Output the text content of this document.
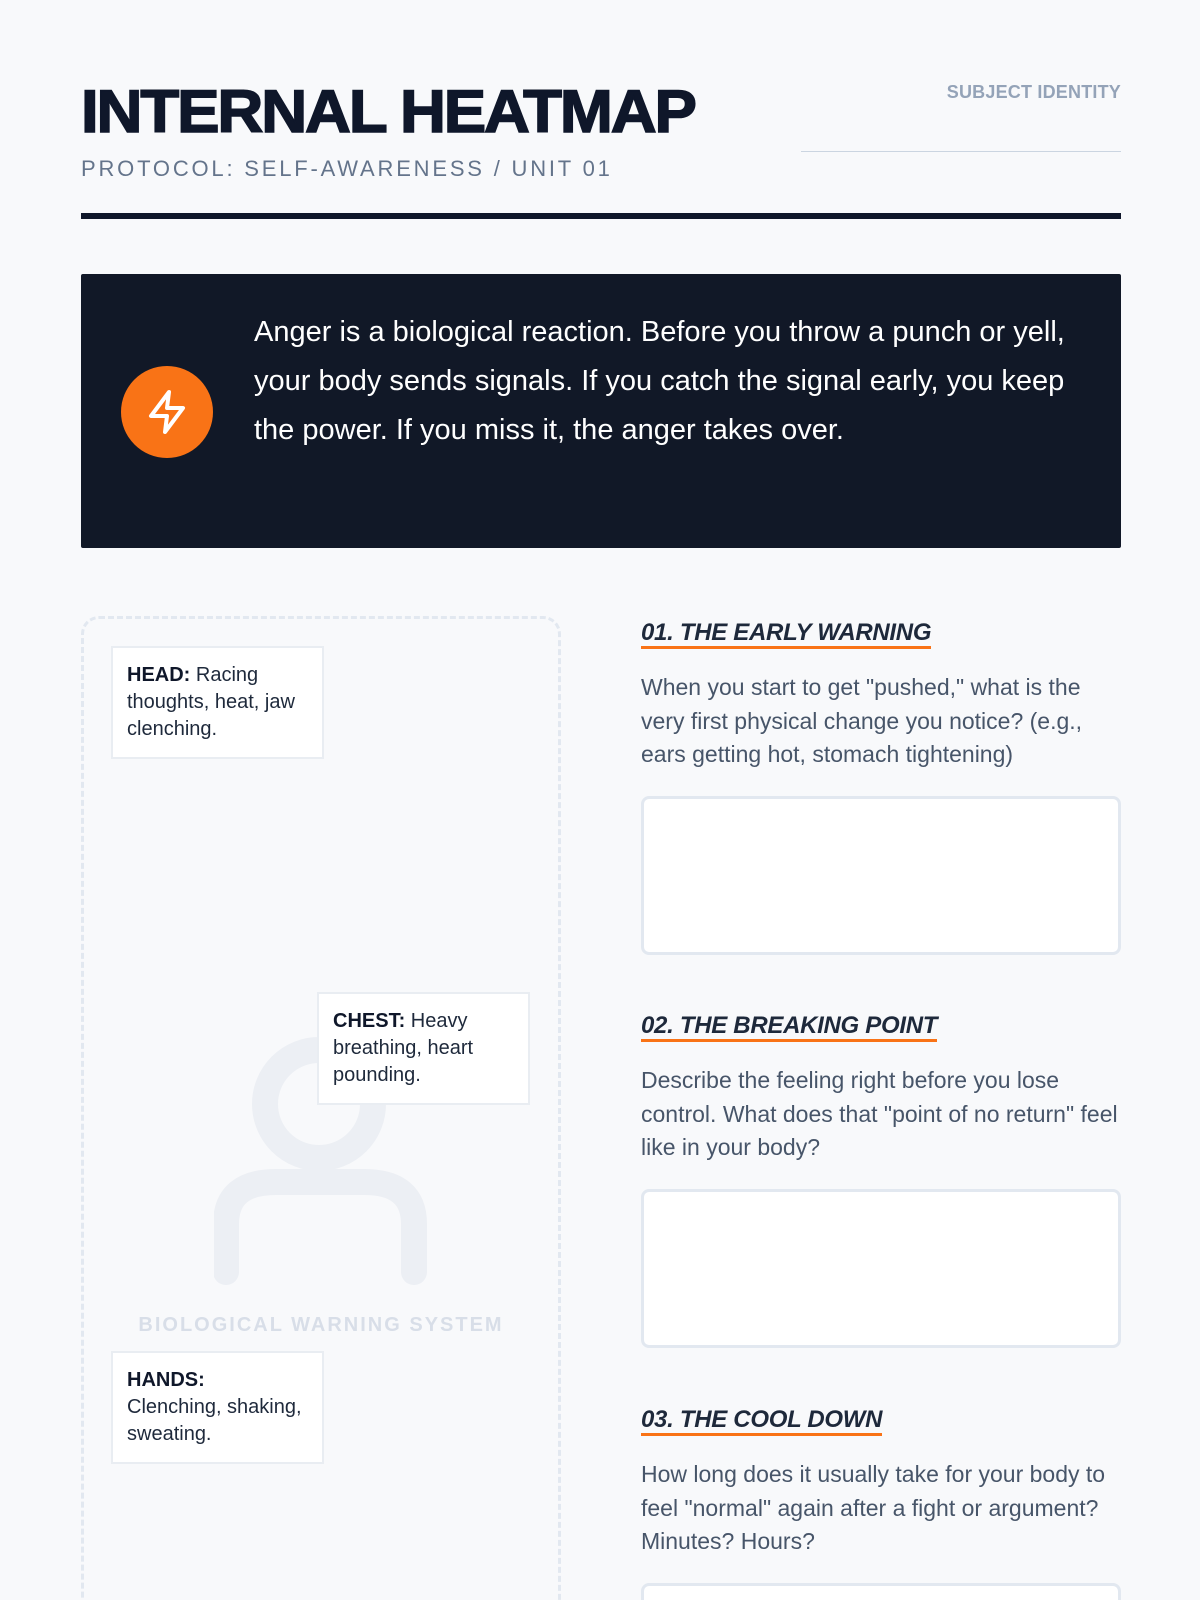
INTERNAL HEATMAP
PROTOCOL: SELF-AWARENESS / UNIT 01
SUBJECT IDENTITY

Anger is a biological reaction. Before you throw a punch or yell, your body sends signals. If you catch the signal early, you keep the power. If you miss it, the anger takes over.

BIOLOGICAL WARNING SYSTEM
HEAD: Racing thoughts, heat, jaw clenching.
CHEST: Heavy breathing, heart pounding.
HANDS:
Clenching, shaking, sweating.
01. THE EARLY WARNING

When you start to get "pushed," what is the very first physical change you notice? (e.g., ears getting hot, stomach tightening)

02. THE BREAKING POINT

Describe the feeling right before you lose control. What does that "point of no return" feel like in your body?

03. THE COOL DOWN

How long does it usually take for your body to feel "normal" again after a fight or argument? Minutes? Hours?
